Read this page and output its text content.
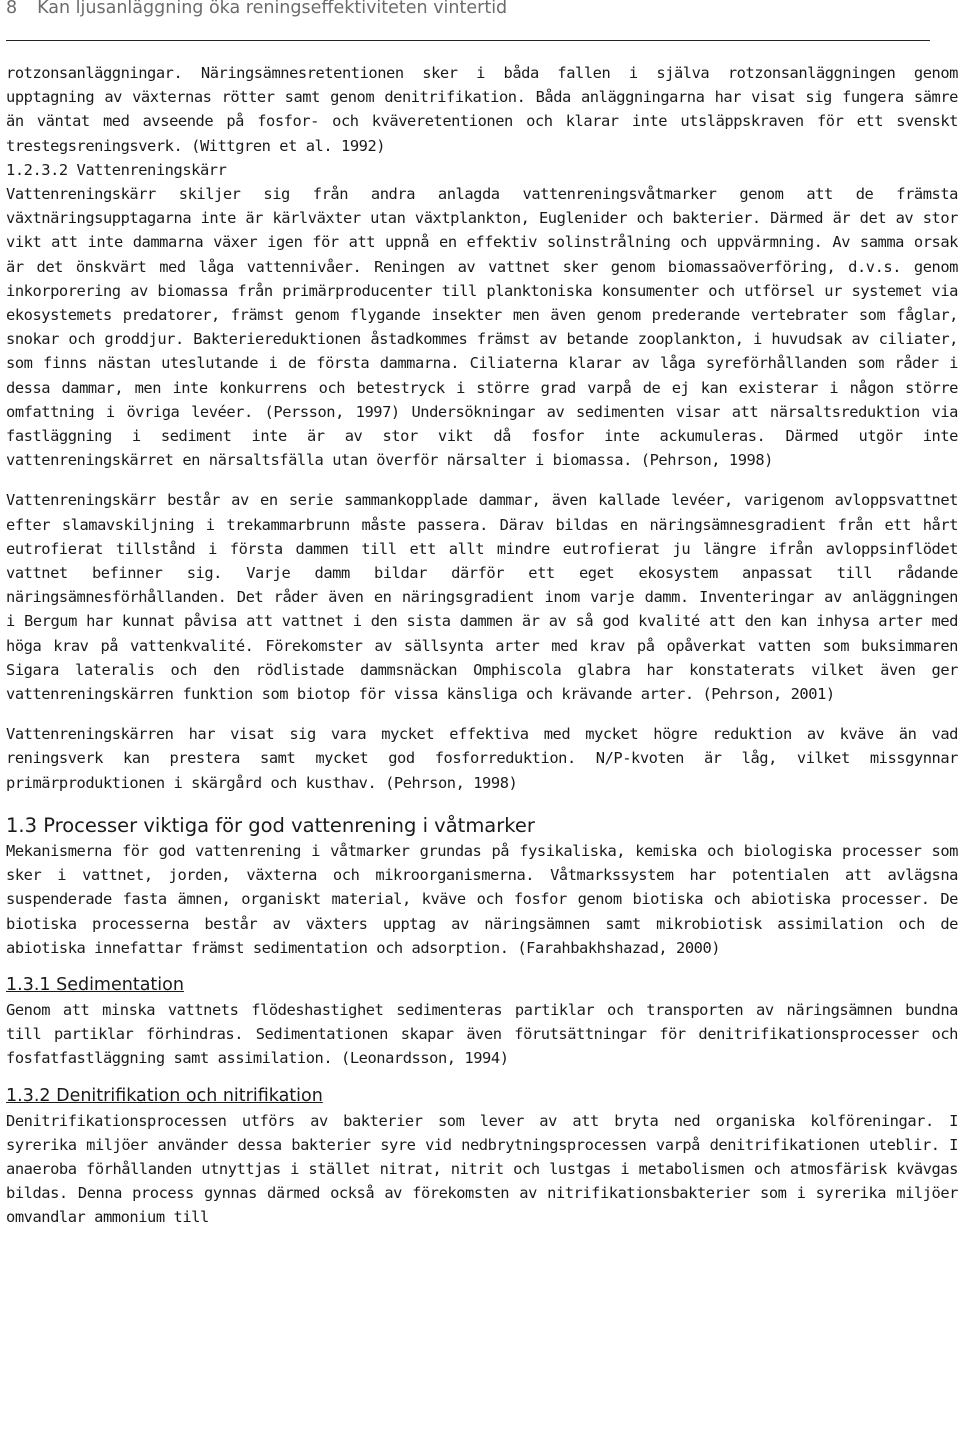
8 Kan ljusanläggning öka reningseffektiviteten vintertid

rotzonsanläggningar. Näringsämnesretentionen sker i båda fallen i själva rotzonsanläggningen genom upptagning av växternas rötter samt genom denitrifikation. Båda anläggningarna har visat sig fungera sämre än väntat med avseende på fosfor- och kväveretentionen och klarar inte utsläppskraven för ett svenskt trestegsreningsverk. (Wittgren et al. 1992)

1.2.3.2 Vattenreningskärr

Vattenreningskärr skiljer sig från andra anlagda vattenreningsvåtmarker genom att de främsta växtnäringsupptagarna inte är kärlväxter utan växtplankton, Euglenider och bakterier. Därmed är det av stor vikt att inte dammarna växer igen för att uppnå en effektiv solinstrålning och uppvärmning. Av samma orsak är det önskvärt med låga vattennivåer. Reningen av vattnet sker genom biomassaöverföring, d.v.s. genom inkorporering av biomassa från primärproducenter till planktoniska konsumenter och utförsel ur systemet via ekosystemets predatorer, främst genom flygande insekter men även genom prederande vertebrater som fåglar, snokar och groddjur. Bakteriereduktionen åstadkommes främst av betande zooplankton, i huvudsak av ciliater, som finns nästan uteslutande i de första dammarna. Ciliaterna klarar av låga syreförhållanden som råder i dessa dammar, men inte konkurrens och betestryck i större grad varpå de ej kan existerar i någon större omfattning i övriga levéer. (Persson, 1997) Undersökningar av sedimenten visar att närsaltsreduktion via fastläggning i sediment inte är av stor vikt då fosfor inte ackumuleras. Därmed utgör inte vattenreningskärret en närsaltsfälla utan överför närsalter i biomassa. (Pehrson, 1998)

Vattenreningskärr består av en serie sammankopplade dammar, även kallade levéer, varigenom avloppsvattnet efter slamavskiljning i trekammarbrunn måste passera. Därav bildas en näringsämnesgradient från ett hårt eutrofierat tillstånd i första dammen till ett allt mindre eutrofierat ju längre ifrån avloppsinflödet vattnet befinner sig. Varje damm bildar därför ett eget ekosystem anpassat till rådande näringsämnesförhållanden. Det råder även en näringsgradient inom varje damm. Inventeringar av anläggningen i Bergum har kunnat påvisa att vattnet i den sista dammen är av så god kvalité att den kan inhysa arter med höga krav på vattenkvalité. Förekomster av sällsynta arter med krav på opåverkat vatten som buksimmaren Sigara lateralis och den rödlistade dammsnäckan Omphiscola glabra har konstaterats vilket även ger vattenreningskärren funktion som biotop för vissa känsliga och krävande arter. (Pehrson, 2001)

Vattenreningskärren har visat sig vara mycket effektiva med mycket högre reduktion av kväve än vad reningsverk kan prestera samt mycket god fosforreduktion. N/P-kvoten är låg, vilket missgynnar primärproduktionen i skärgård och kusthav. (Pehrson, 1998)

1.3 Processer viktiga för god vattenrening i våtmarker

Mekanismerna för god vattenrening i våtmarker grundas på fysikaliska, kemiska och biologiska processer som sker i vattnet, jorden, växterna och mikroorganismerna. Våtmarkssystem har potentialen att avlägsna suspenderade fasta ämnen, organiskt material, kväve och fosfor genom biotiska och abiotiska processer. De biotiska processerna består av växters upptag av näringsämnen samt mikrobiotisk assimilation och de abiotiska innefattar främst sedimentation och adsorption. (Farahbakhshazad, 2000)

1.3.1 Sedimentation

Genom att minska vattnets flödeshastighet sedimenteras partiklar och transporten av näringsämnen bundna till partiklar förhindras. Sedimentationen skapar även förutsättningar för denitrifikationsprocesser och fosfatfastläggning samt assimilation. (Leonardsson, 1994)

1.3.2 Denitrifikation och nitrifikation

Denitrifikationsprocessen utförs av bakterier som lever av att bryta ned organiska kolföreningar. I syrerika miljöer använder dessa bakterier syre vid nedbrytningsprocessen varpå denitrifikationen uteblir. I anaeroba förhållanden utnyttjas i stället nitrat, nitrit och lustgas i metabolismen och atmosfärisk kvävgas bildas. Denna process gynnas därmed också av förekomsten av nitrifikationsbakterier som i syrerika miljöer omvandlar ammonium till
